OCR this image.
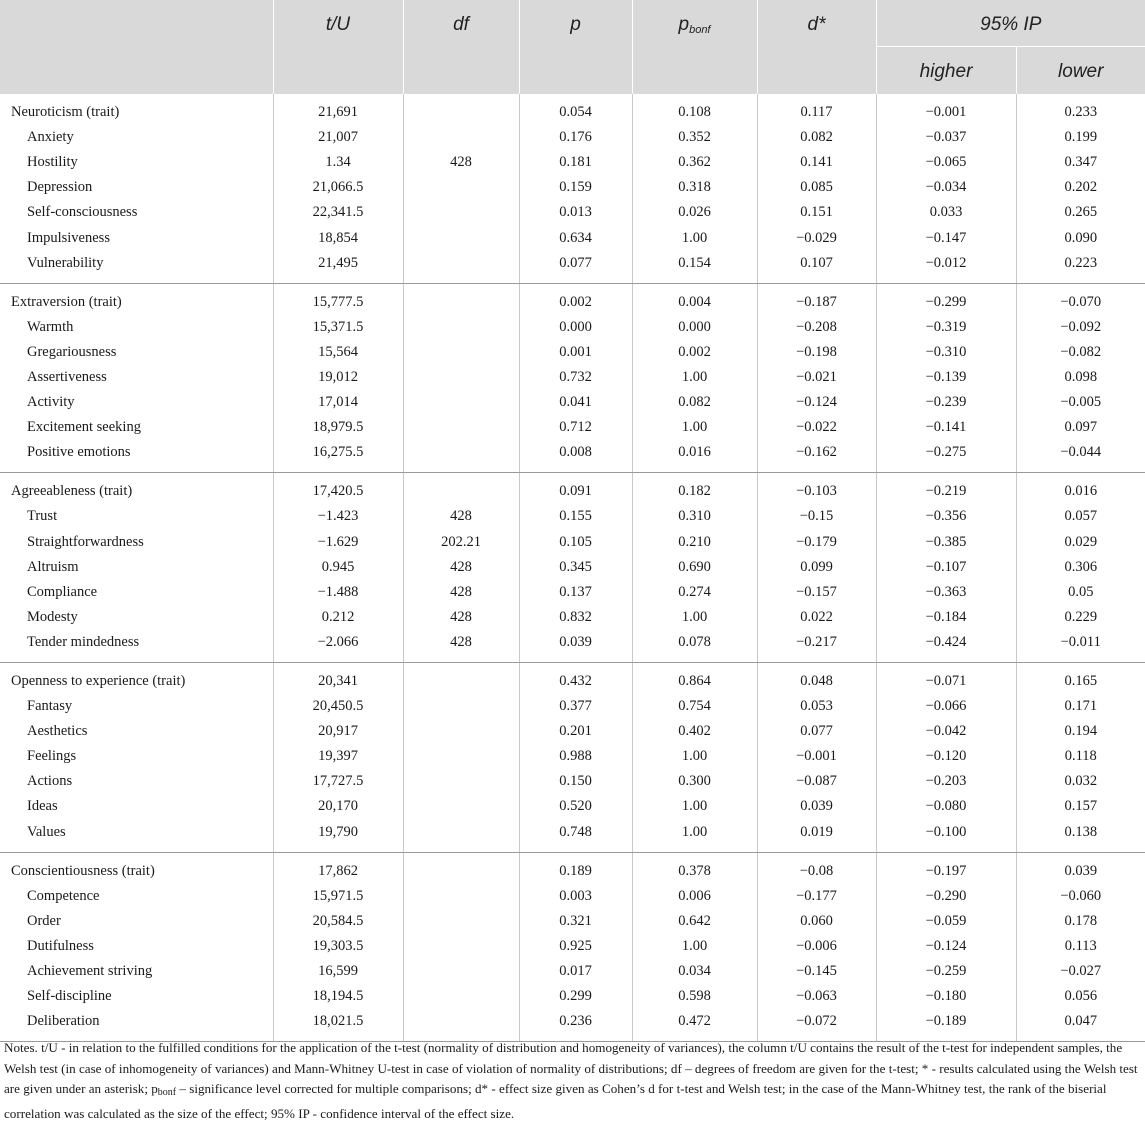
	t/U	df	p	pbonf	d*	95% IP	
						higher	lower
Neuroticism (trait)	21,691		0.054	0.108	0.117	−0.001	0.233
Anxiety	21,007		0.176	0.352	0.082	−0.037	0.199
Hostility	1.34	428	0.181	0.362	0.141	−0.065	0.347
Depression	21,066.5		0.159	0.318	0.085	−0.034	0.202
Self-consciousness	22,341.5		0.013	0.026	0.151	0.033	0.265
Impulsiveness	18,854		0.634	1.00	−0.029	−0.147	0.090
Vulnerability	21,495		0.077	0.154	0.107	−0.012	0.223
Extraversion (trait)	15,777.5		0.002	0.004	−0.187	−0.299	−0.070
Warmth	15,371.5		0.000	0.000	−0.208	−0.319	−0.092
Gregariousness	15,564		0.001	0.002	−0.198	−0.310	−0.082
Assertiveness	19,012		0.732	1.00	−0.021	−0.139	0.098
Activity	17,014		0.041	0.082	−0.124	−0.239	−0.005
Excitement seeking	18,979.5		0.712	1.00	−0.022	−0.141	0.097
Positive emotions	16,275.5		0.008	0.016	−0.162	−0.275	−0.044
Agreeableness (trait)	17,420.5		0.091	0.182	−0.103	−0.219	0.016
Trust	−1.423	428	0.155	0.310	−0.15	−0.356	0.057
Straightforwardness	−1.629	202.21	0.105	0.210	−0.179	−0.385	0.029
Altruism	0.945	428	0.345	0.690	0.099	−0.107	0.306
Compliance	−1.488	428	0.137	0.274	−0.157	−0.363	0.05
Modesty	0.212	428	0.832	1.00	0.022	−0.184	0.229
Tender mindedness	−2.066	428	0.039	0.078	−0.217	−0.424	−0.011
Openness to experience (trait)	20,341		0.432	0.864	0.048	−0.071	0.165
Fantasy	20,450.5		0.377	0.754	0.053	−0.066	0.171
Aesthetics	20,917		0.201	0.402	0.077	−0.042	0.194
Feelings	19,397		0.988	1.00	−0.001	−0.120	0.118
Actions	17,727.5		0.150	0.300	−0.087	−0.203	0.032
Ideas	20,170		0.520	1.00	0.039	−0.080	0.157
Values	19,790		0.748	1.00	0.019	−0.100	0.138
Conscientiousness (trait)	17,862		0.189	0.378	−0.08	−0.197	0.039
Competence	15,971.5		0.003	0.006	−0.177	−0.290	−0.060
Order	20,584.5		0.321	0.642	0.060	−0.059	0.178
Dutifulness	19,303.5		0.925	1.00	−0.006	−0.124	0.113
Achievement striving	16,599		0.017	0.034	−0.145	−0.259	−0.027
Self-discipline	18,194.5		0.299	0.598	−0.063	−0.180	0.056
Deliberation	18,021.5		0.236	0.472	−0.072	−0.189	0.047
Notes. t/U - in relation to the fulfilled conditions for the application of the t-test (normality of distribution and homogeneity of variances), the column t/U contains the result of the t-test for independent samples, the Welsh test (in case of inhomogeneity of variances) and Mann-Whitney U-test in case of violation of normality of distributions; df – degrees of freedom are given for the t-test; * - results calculated using the Welsh test are given under an asterisk; pbonf – significance level corrected for multiple comparisons; d* - effect size given as Cohen’s d for t-test and Welsh test; in the case of the Mann-Whitney test, the rank of the biserial correlation was calculated as the size of the effect; 95% IP - confidence interval of the effect size.
